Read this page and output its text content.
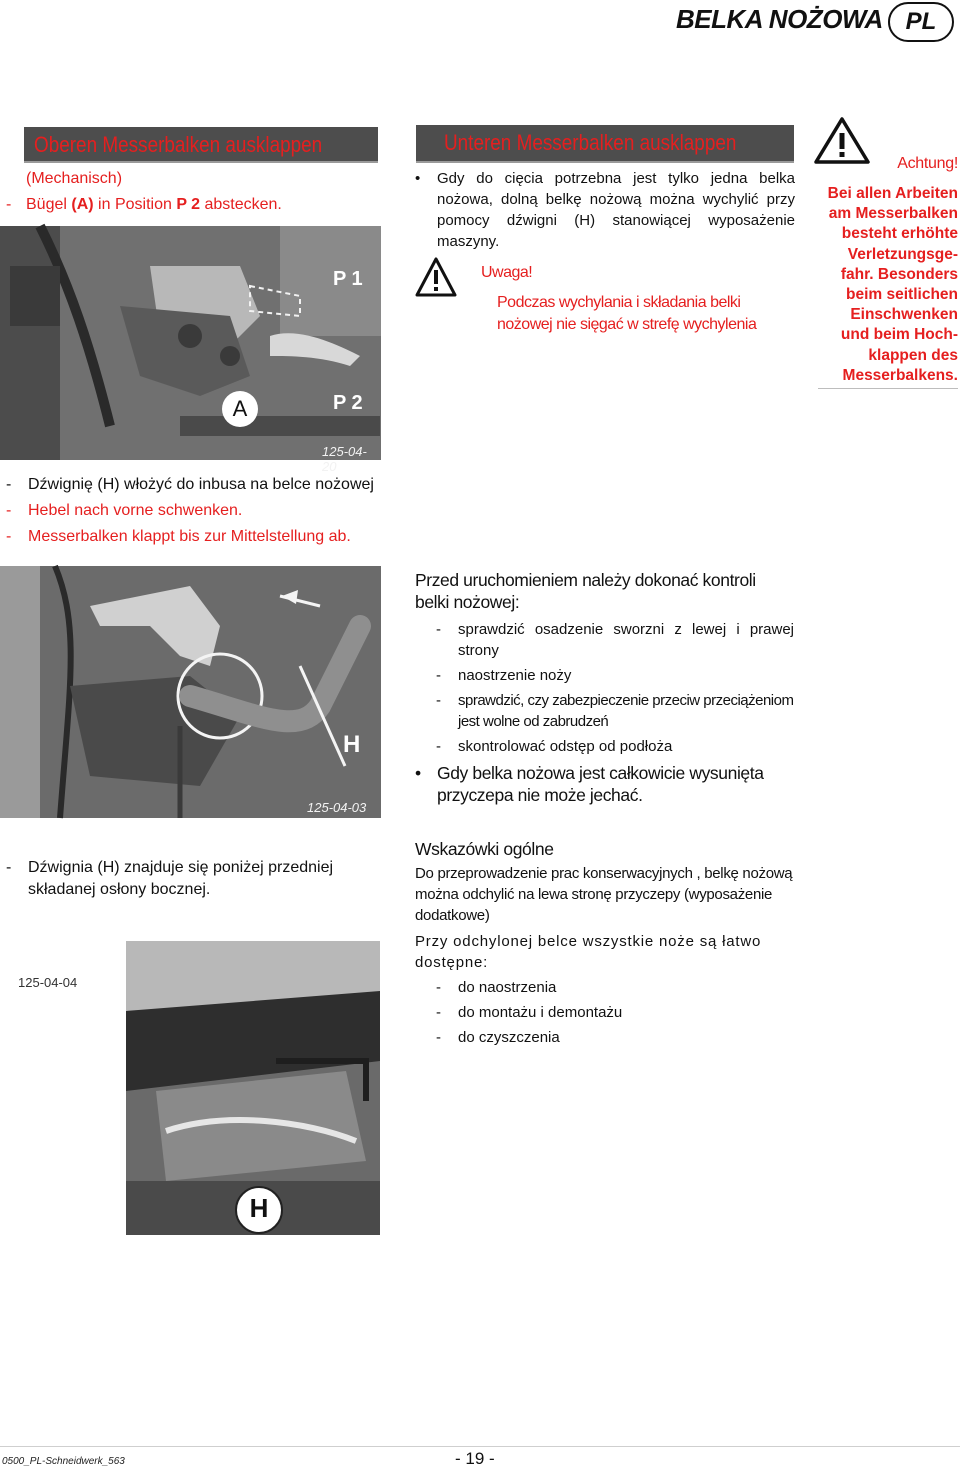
BELKA NOŻOWA PL
Oberen Messerbalken ausklappen
(Mechanisch)
- Bügel (A) in Position P 2 abstecken.
P 1
A	P 2
125-04-20
- Dźwignię (H) włożyć do inbusa na belce nożowej
- Hebel nach vorne schwenken.
- Messerbalken klappt bis zur Mittelstellung ab.
H
125-04-03
- Dźwignia (H) znajduje się poniżej przedniej składanej osłony bocznej.
125-04-04
H
Unteren Messerbalken ausklappen
• Gdy do cięcia potrzebna jest tylko jedna belka nożowa, dolną belkę nożową można wychylić przy pomocy dźwigni (H) stanowiącej wyposażenie maszyny.
Uwaga!
Podczas wychylania i składania belki nożowej nie sięgać w strefę wychylenia
Przed uruchomieniem należy dokonać kontroli belki nożowej:
- sprawdzić osadzenie sworzni z lewej i prawej strony
- naostrzenie noży
- sprawdzić, czy zabezpieczenie przeciw przeciążeniom jest wolne od zabrudzeń
- skontrolować odstęp od podłoża
• Gdy belka nożowa jest całkowicie wysunięta przyczepa nie może jechać.
Wskazówki ogólne
Do przeprowadzenie prac konserwacyjnych , belkę nożową można odchylić na lewa stronę przyczepy (wyposażenie dodatkowe)
Przy odchylonej belce wszystkie noże są łatwo dostępne:
- do naostrzenia
- do montażu i demontażu
- do czyszczenia
Achtung!

Bei allen Arbeiten

am Messerbalken

besteht erhöhte

Verletzungsge-

fahr. Besonders

beim seitlichen

Einschwenken

und beim Hoch-

klappen des

Messerbalkens.

0500_PL-Schneidwerk_563	- 19 -
